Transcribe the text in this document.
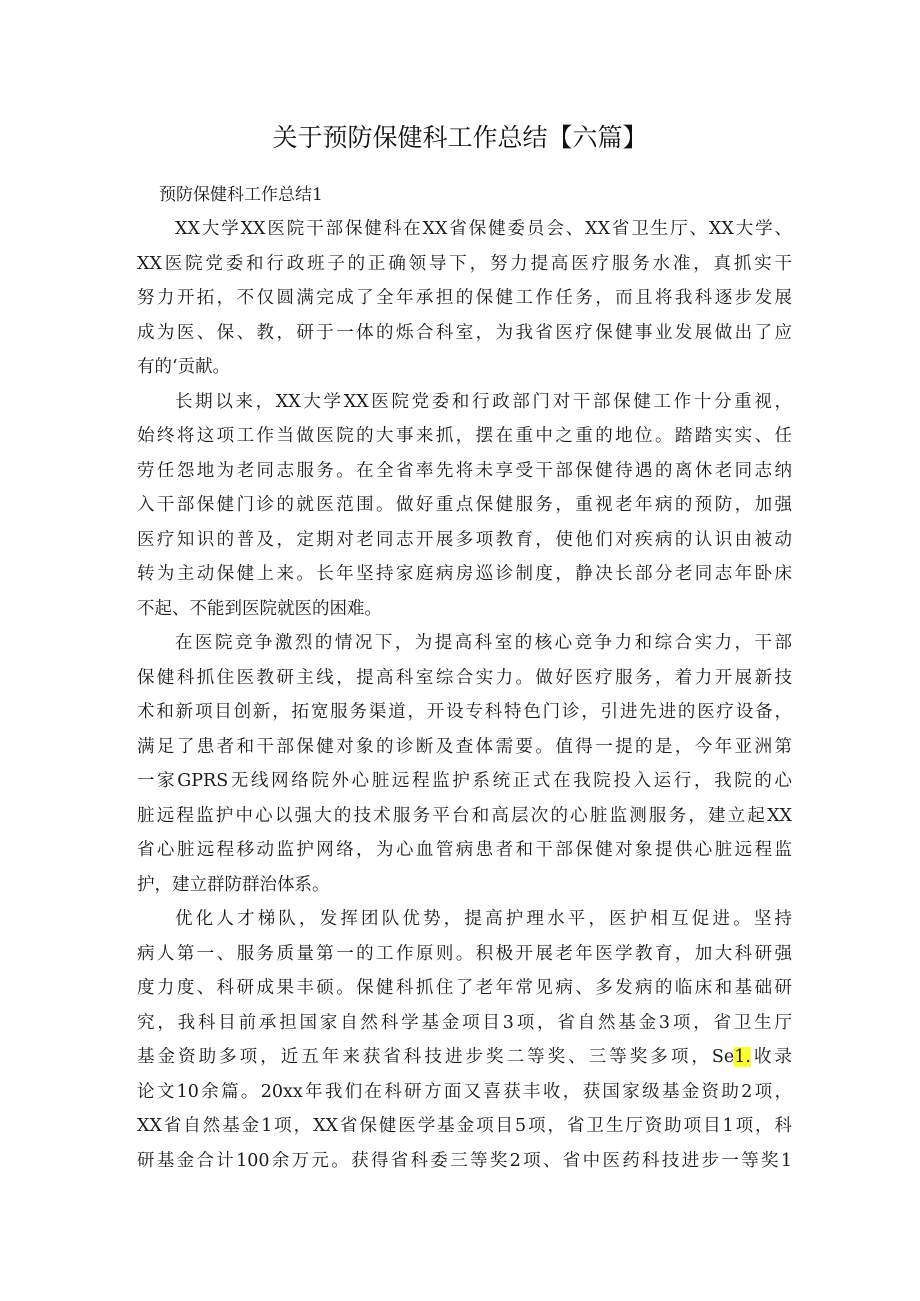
关于预防保健科工作总结【六篇】
预防保健科工作总结1
XX大学XX医院干部保健科在XX省保健委员会、XX省卫生厅、XX大学、
XX医院党委和行政班子的正确领导下，努力提高医疗服务水准，真抓实干
努力开拓，不仅圆满完成了全年承担的保健工作任务，而且将我科逐步发展
成为医、保、教，研于一体的烁合科室，为我省医疗保健事业发展做出了应
有的‘贡献。
长期以来，XX大学XX医院党委和行政部门对干部保健工作十分重视，
始终将这项工作当做医院的大事来抓，摆在重中之重的地位。踏踏实实、任
劳任怨地为老同志服务。在全省率先将未享受干部保健待遇的离休老同志纳
入干部保健门诊的就医范围。做好重点保健服务，重视老年病的预防，加强
医疗知识的普及，定期对老同志开展多项教育，使他们对疾病的认识由被动
转为主动保健上来。长年坚持家庭病房巡诊制度，静决长部分老同志年卧床
不起、不能到医院就医的困难。
在医院竞争激烈的情况下，为提高科室的核心竞争力和综合实力，干部
保健科抓住医教研主线，提高科室综合实力。做好医疗服务，着力开展新技
术和新项目创新，拓宽服务渠道，开设专科特色门诊，引进先进的医疗设备，
满足了患者和干部保健对象的诊断及查体需要。值得一提的是，今年亚洲第
一家GPRS无线网络院外心脏远程监护系统正式在我院投入运行，我院的心
脏远程监护中心以强大的技术服务平台和高层次的心脏监测服务，建立起XX
省心脏远程移动监护网络，为心血管病患者和干部保健对象提供心脏远程监
护，建立群防群治体系。
优化人才梯队，发挥团队优势，提高护理水平，医护相互促进。坚持
病人第一、服务质量第一的工作原则。积极开展老年医学教育，加大科研强
度力度、科研成果丰硕。保健科抓住了老年常见病、多发病的临床和基础研
究，我科目前承担国家自然科学基金项目3项，省自然基金3项，省卫生厅
基金资助多项，近五年来获省科技进步奖二等奖、三等奖多项，Se1.收录
论文10余篇。20xx年我们在科研方面又喜获丰收，获国家级基金资助2项，
XX省自然基金1项，XX省保健医学基金项目5项，省卫生厅资助项目1项，科
研基金合计100余万元。获得省科委三等奖2项、省中医药科技进步一等奖1
